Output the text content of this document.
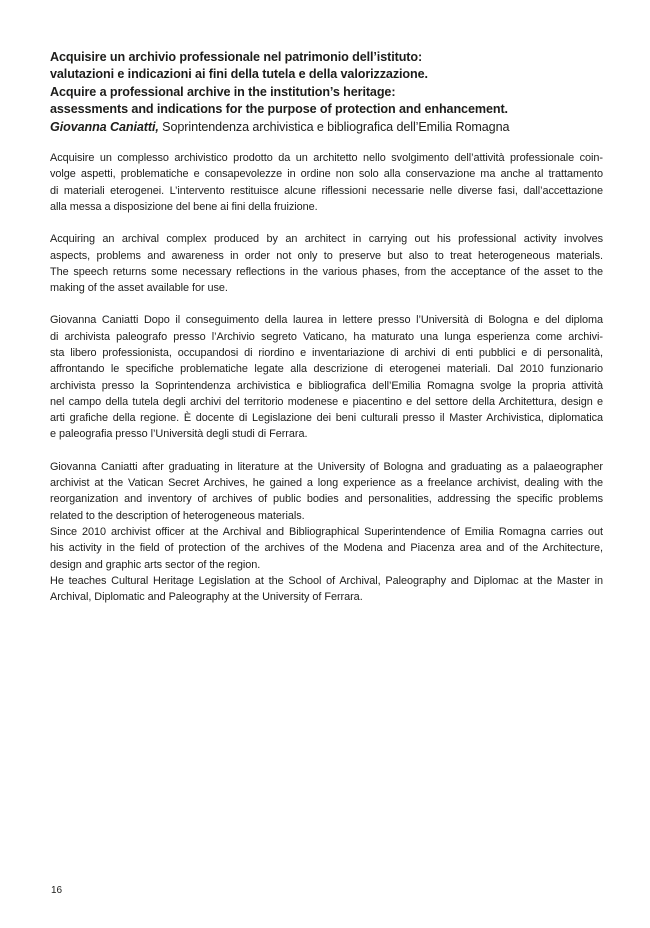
Acquisire un archivio professionale nel patrimonio dell’istituto:
valutazioni e indicazioni ai fini della tutela e della valorizzazione.
Acquire a professional archive in the institution’s heritage:
assessments and indications for the purpose of protection and enhancement.
Giovanna Caniatti, Soprintendenza archivistica e bibliografica dell’Emilia Romagna
Acquisire un complesso archivistico prodotto da un architetto nello svolgimento dell’attività professionale coin-
volge aspetti, problematiche e consapevolezze in ordine non solo alla conservazione ma anche al trattamento
di materiali eterogenei. L’intervento restituisce alcune riflessioni necessarie nelle diverse fasi, dall’accettazione
alla messa a disposizione del bene ai fini della fruizione.
Acquiring an archival complex produced by an architect in carrying out his professional activity involves
aspects, problems and awareness in order not only to preserve but also to treat heterogeneous materials.
The speech returns some necessary reflections in the various phases, from the acceptance of the asset to the
making of the asset available for use.
Giovanna Caniatti Dopo il conseguimento della laurea in lettere presso l’Università di Bologna e del diploma
di archivista paleografo presso l’Archivio segreto Vaticano, ha maturato una lunga esperienza come archivi-
sta libero professionista, occupandosi di riordino e inventariazione di archivi di enti pubblici e di personalità,
affrontando le specifiche problematiche legate alla descrizione di eterogenei materiali. Dal 2010 funzionario
archivista presso la Soprintendenza archivistica e bibliografica dell’Emilia Romagna svolge la propria attività
nel campo della tutela degli archivi del territorio modenese e piacentino e del settore della Architettura, design e
arti grafiche della regione. È docente di Legislazione dei beni culturali presso il Master Archivistica, diplomatica
e paleografia presso l’Università degli studi di Ferrara.
Giovanna Caniatti after graduating in literature at the University of Bologna and graduating as a palaeographer
archivist at the Vatican Secret Archives, he gained a long experience as a freelance archivist, dealing with the
reorganization and inventory of archives of public bodies and personalities, addressing the specific problems
related to the description of heterogeneous materials.
Since 2010 archivist officer at the Archival and Bibliographical Superintendence of Emilia Romagna carries out
his activity in the field of protection of the archives of the Modena and Piacenza area and of the Architecture,
design and graphic arts sector of the region.
He teaches Cultural Heritage Legislation at the School of Archival, Paleography and Diplomac at the Master in
Archival, Diplomatic and Paleography at the University of Ferrara.
16
